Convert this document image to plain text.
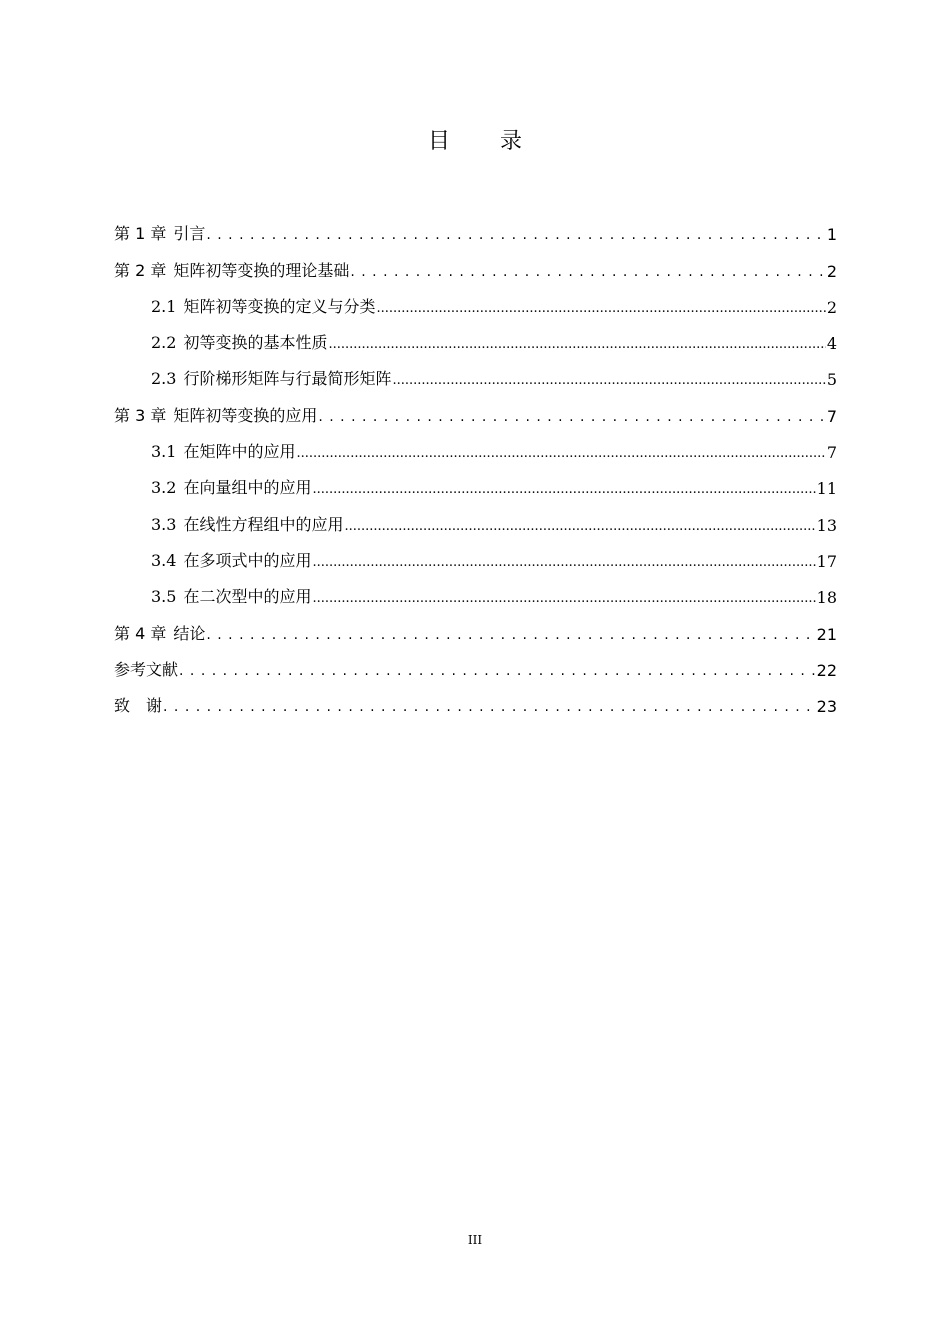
目　录
第 1 章 引言 . . .	1
第 2 章 矩阵初等变换的理论基础 . . .	2
2.1 矩阵初等变换的定义与分类 .....	2
2.2 初等变换的基本性质 .....	4
2.3 行阶梯形矩阵与行最简形矩阵 .....	5
第 3 章 矩阵初等变换的应用 . . .	7
3.1 在矩阵中的应用 .....	7
3.2 在向量组中的应用 .....	11
3.3 在线性方程组中的应用 .....	13
3.4 在多项式中的应用 .....	17
3.5 在二次型中的应用 .....	18
第 4 章 结论 . . .	21
参考文献 . . .	22
致　谢 . . .	23
III
